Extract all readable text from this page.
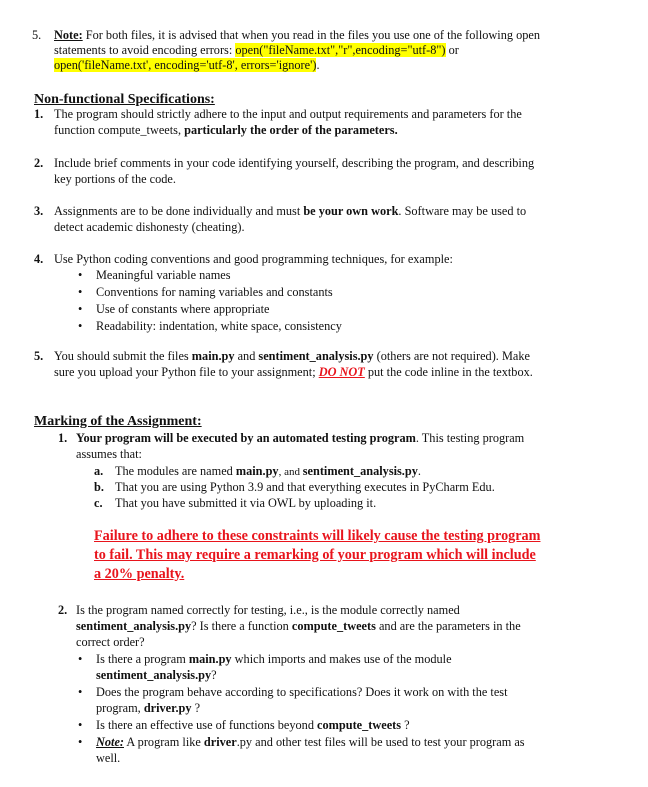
5. Note: For both files, it is advised that when you read in the files you use one of the following open
statements to avoid encoding errors: open("fileName.txt","r",encoding="utf-8") or
open('fileName.txt', encoding='utf-8', errors='ignore').
Non-functional Specifications:
1. The program should strictly adhere to the input and output requirements and parameters for the
function compute_tweets, particularly the order of the parameters.
2. Include brief comments in your code identifying yourself, describing the program, and describing
key portions of the code.
3. Assignments are to be done individually and must be your own work. Software may be used to
detect academic dishonesty (cheating).
4. Use Python coding conventions and good programming techniques, for example:
• Meaningful variable names
• Conventions for naming variables and constants
• Use of constants where appropriate
• Readability: indentation, white space, consistency
5. You should submit the files main.py and sentiment_analysis.py (others are not required). Make
sure you upload your Python file to your assignment; DO NOT put the code inline in the textbox.
Marking of the Assignment:
1. Your program will be executed by an automated testing program. This testing program
assumes that:
a. The modules are named main.py, and sentiment_analysis.py.
b. That you are using Python 3.9 and that everything executes in PyCharm Edu.
c. That you have submitted it via OWL by uploading it.
Failure to adhere to these constraints will likely cause the testing program
to fail. This may require a remarking of your program which will include
a 20% penalty.
2. Is the program named correctly for testing, i.e., is the module correctly named
sentiment_analysis.py? Is there a function compute_tweets and are the parameters in the
correct order?
• Is there a program main.py which imports and makes use of the module
sentiment_analysis.py?
• Does the program behave according to specifications? Does it work on with the test
program, driver.py ?
• Is there an effective use of functions beyond compute_tweets ?
• Note: A program like driver.py and other test files will be used to test your program as
well.
